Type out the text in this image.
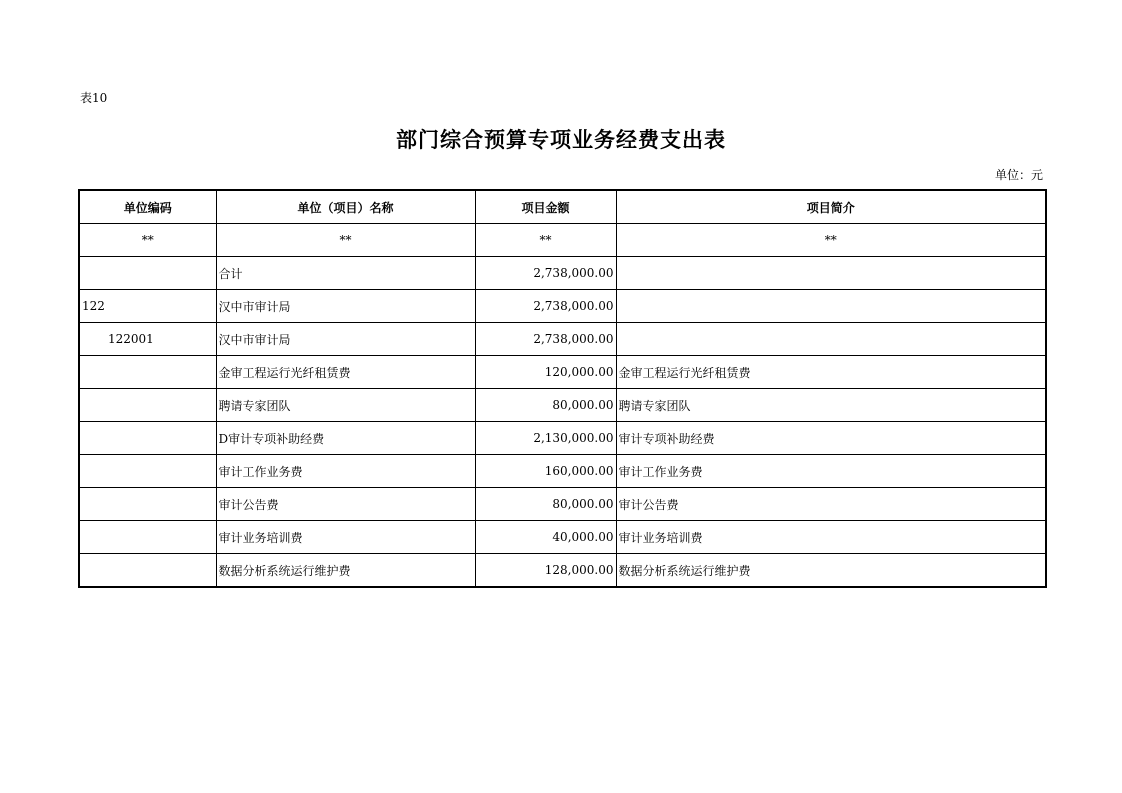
表10
部门综合预算专项业务经费支出表
单位：元
单位编码	单位（项目）名称	项目金额	项目简介
**	**	**	**
	合计	2,738,000.00	
122	汉中市审计局	2,738,000.00	
122001	汉中市审计局	2,738,000.00	
	金审工程运行光纤租赁费	120,000.00	金审工程运行光纤租赁费
	聘请专家团队	80,000.00	聘请专家团队
	D审计专项补助经费	2,130,000.00	审计专项补助经费
	审计工作业务费	160,000.00	审计工作业务费
	审计公告费	80,000.00	审计公告费
	审计业务培训费	40,000.00	审计业务培训费
	数据分析系统运行维护费	128,000.00	数据分析系统运行维护费
